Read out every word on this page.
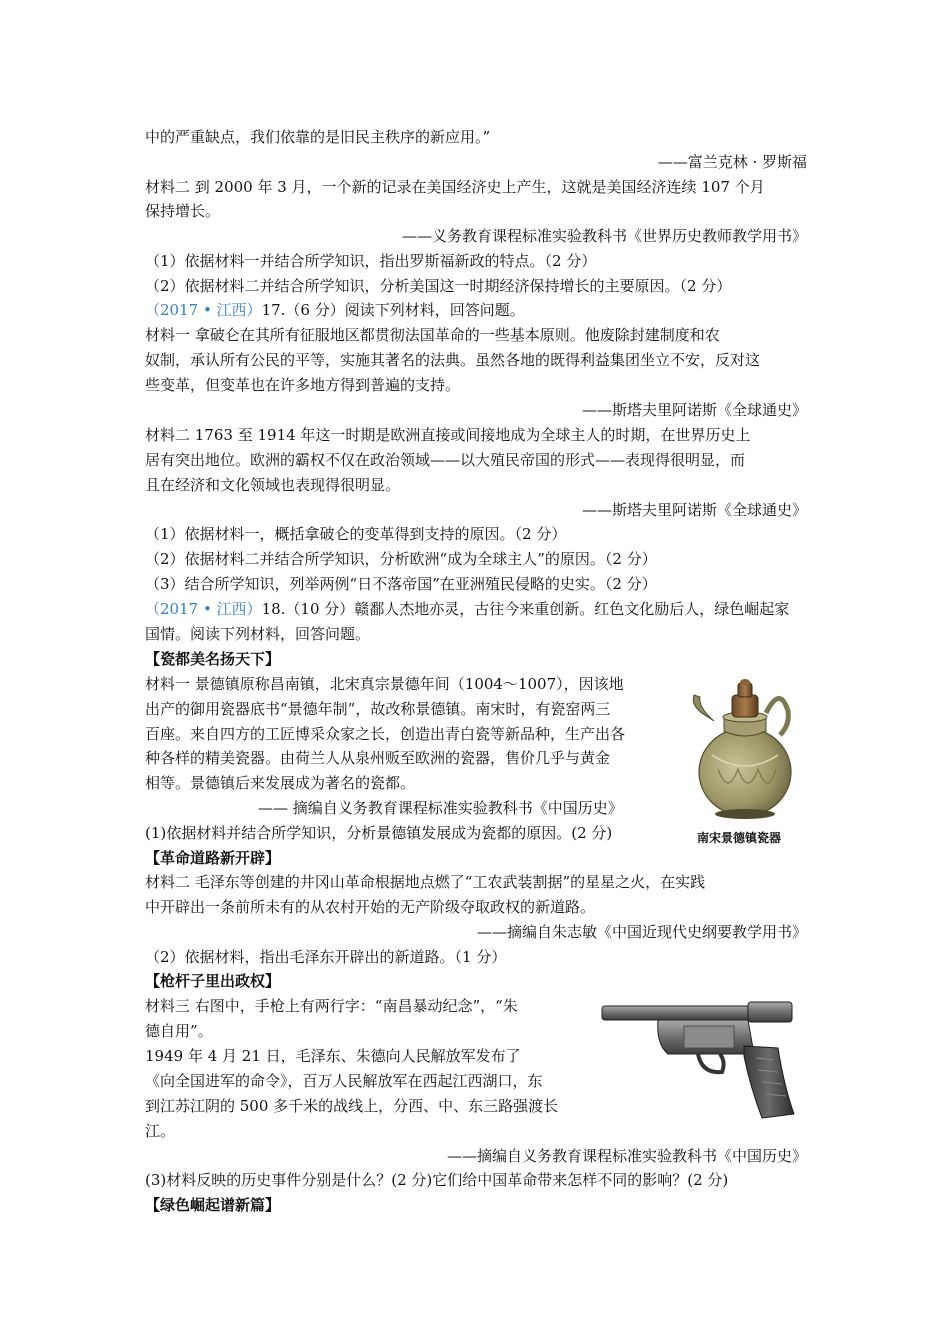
中的严重缺点，我们依靠的是旧民主秩序的新应用。”
——富兰克林 · 罗斯福
材料二 到 2000 年 3 月，一个新的记录在美国经济史上产生，这就是美国经济连续 107 个月
保持增长。
——义务教育课程标准实验教科书《世界历史教师教学用书》
（1）依据材料一并结合所学知识，指出罗斯福新政的特点。（2 分）
（2）依据材料二并结合所学知识，分析美国这一时期经济保持增长的主要原因。（2 分）
（2017 • 江西）17.（6 分）阅读下列材料，回答问题。
材料一 拿破仑在其所有征服地区都贯彻法国革命的一些基本原则。他废除封建制度和农
奴制，承认所有公民的平等，实施其著名的法典。虽然各地的既得利益集团坐立不安，反对这
些变革，但变革也在许多地方得到普遍的支持。
——斯塔夫里阿诺斯《全球通史》
材料二 1763 至 1914 年这一时期是欧洲直接或间接地成为全球主人的时期，在世界历史上
居有突出地位。欧洲的霸权不仅在政治领域——以大殖民帝国的形式——表现得很明显，而
且在经济和文化领域也表现得很明显。
——斯塔夫里阿诺斯《全球通史》
（1）依据材料一，概括拿破仑的变革得到支持的原因。（2 分）
（2）依据材料二并结合所学知识，分析欧洲“成为全球主人”的原因。（2 分）
（3）结合所学知识，列举两例“日不落帝国”在亚洲殖民侵略的史实。（2 分）
（2017 • 江西）18.（10 分）赣鄱人杰地亦灵，古往今来重创新。红色文化励后人，绿色崛起家
国情。阅读下列材料，回答问题。
【瓷都美名扬天下】
材料一 景德镇原称昌南镇，北宋真宗景德年间（1004～1007），因该地
出产的御用瓷器底书“景德年制”，故改称景德镇。南宋时，有瓷窑两三
百座。来自四方的工匠博采众家之长，创造出青白瓷等新品种，生产出各
种各样的精美瓷器。由荷兰人从泉州贩至欧洲的瓷器，售价几乎与黄金
相等。景德镇后来发展成为著名的瓷都。
—— 摘编自义务教育课程标准实验教科书《中国历史》
(1)依据材料并结合所学知识，分析景德镇发展成为瓷都的原因。(2 分)	南宋景德镇瓷器
【革命道路新开辟】
材料二 毛泽东等创建的井冈山革命根据地点燃了“工农武装割据”的星星之火，在实践
中开辟出一条前所未有的从农村开始的无产阶级夺取政权的新道路。
——摘编自朱志敏《中国近现代史纲要教学用书》
（2）依据材料，指出毛泽东开辟出的新道路。（1 分）
【枪杆子里出政权】
材料三 右图中，手枪上有两行字：“南昌暴动纪念”，“朱
德自用”。
1949 年 4 月 21 日，毛泽东、朱德向人民解放军发布了
《向全国进军的命令》，百万人民解放军在西起江西湖口，东
到江苏江阴的 500 多千米的战线上，分西、中、东三路强渡长
江。
——摘编自义务教育课程标准实验教科书《中国历史》
(3)材料反映的历史事件分别是什么？(2 分)它们给中国革命带来怎样不同的影响？(2 分)
【绿色崛起谱新篇】
